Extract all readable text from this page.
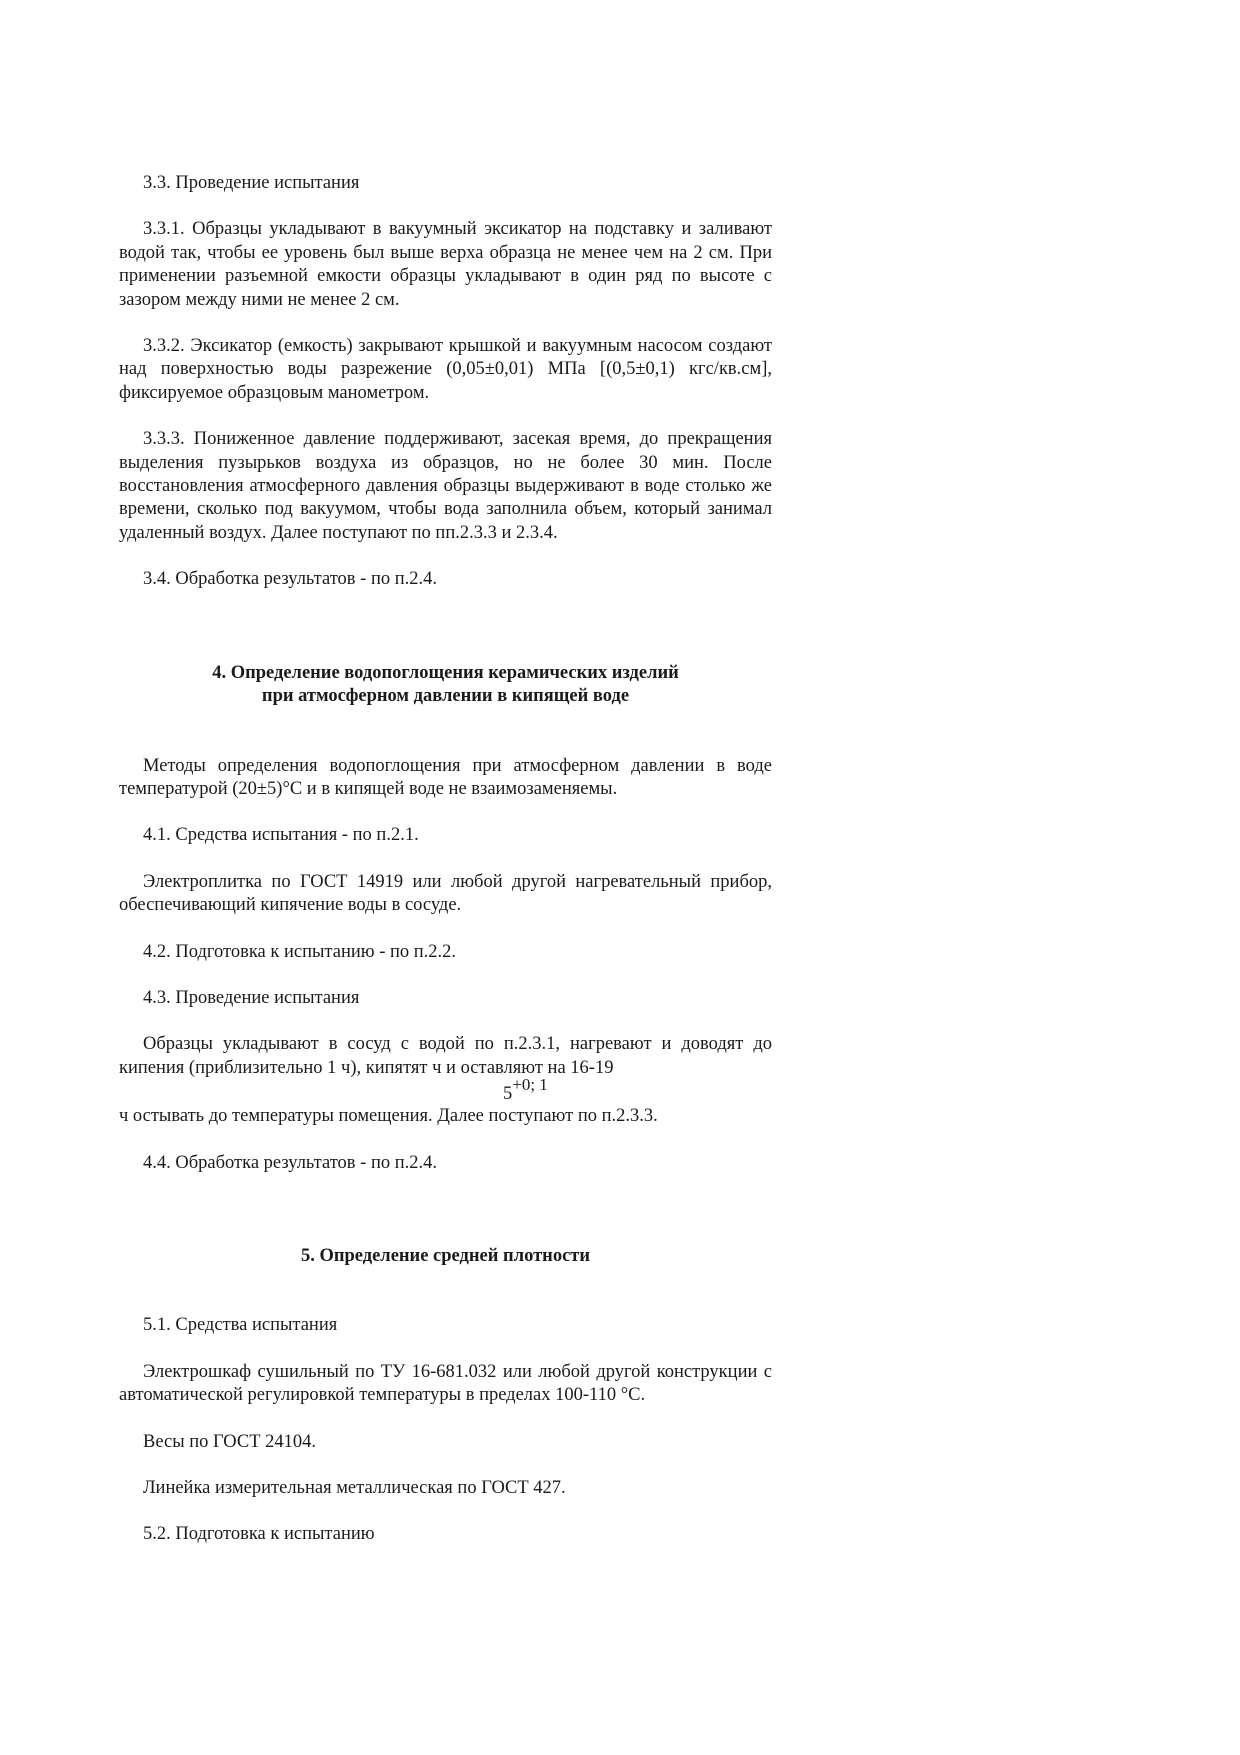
3.3. Проведение испытания

3.3.1. Образцы укладывают в вакуумный эксикатор на подставку и заливают водой так, чтобы ее уровень был выше верха образца не менее чем на 2 см. При применении разъемной емкости образцы укладывают в один ряд по высоте с зазором между ними не менее 2 см.

3.3.2. Эксикатор (емкость) закрывают крышкой и вакуумным насосом создают над поверхностью воды разрежение (0,05±0,01) МПа [(0,5±0,1) кгс/кв.см], фиксируемое образцовым манометром.

3.3.3. Пониженное давление поддерживают, засекая время, до прекращения выделения пузырьков воздуха из образцов, но не более 30 мин. После восстановления атмосферного давления образцы выдерживают в воде столько же времени, сколько под вакуумом, чтобы вода заполнила объем, который занимал удаленный воздух. Далее поступают по пп.2.3.3 и 2.3.4.

3.4. Обработка результатов - по п.2.4.

4. Определение водопоглощения керамических изделий

при атмосферном давлении в кипящей воде

Методы определения водопоглощения при атмосферном давлении в воде температурой (20±5)°С и в кипящей воде не взаимозаменяемы.

4.1. Средства испытания - по п.2.1.

Электроплитка по ГОСТ 14919 или любой другой нагревательный прибор, обеспечивающий кипячение воды в сосуде.

4.2. Подготовка к испытанию - по п.2.2.

4.3. Проведение испытания

Образцы укладывают в сосуд с водой по п.2.3.1, нагревают и доводят до кипения (приблизительно 1 ч), кипятят ч и оставляют на 16-19

$5^{+0; 1}$

ч остывать до температуры помещения. Далее поступают по п.2.3.3.

4.4. Обработка результатов - по п.2.4.

5. Определение средней плотности

5.1. Средства испытания

Электрошкаф сушильный по ТУ 16-681.032 или любой другой конструкции с автоматической регулировкой температуры в пределах 100-110 °С.

Весы по ГОСТ 24104.

Линейка измерительная металлическая по ГОСТ 427.

5.2. Подготовка к испытанию
